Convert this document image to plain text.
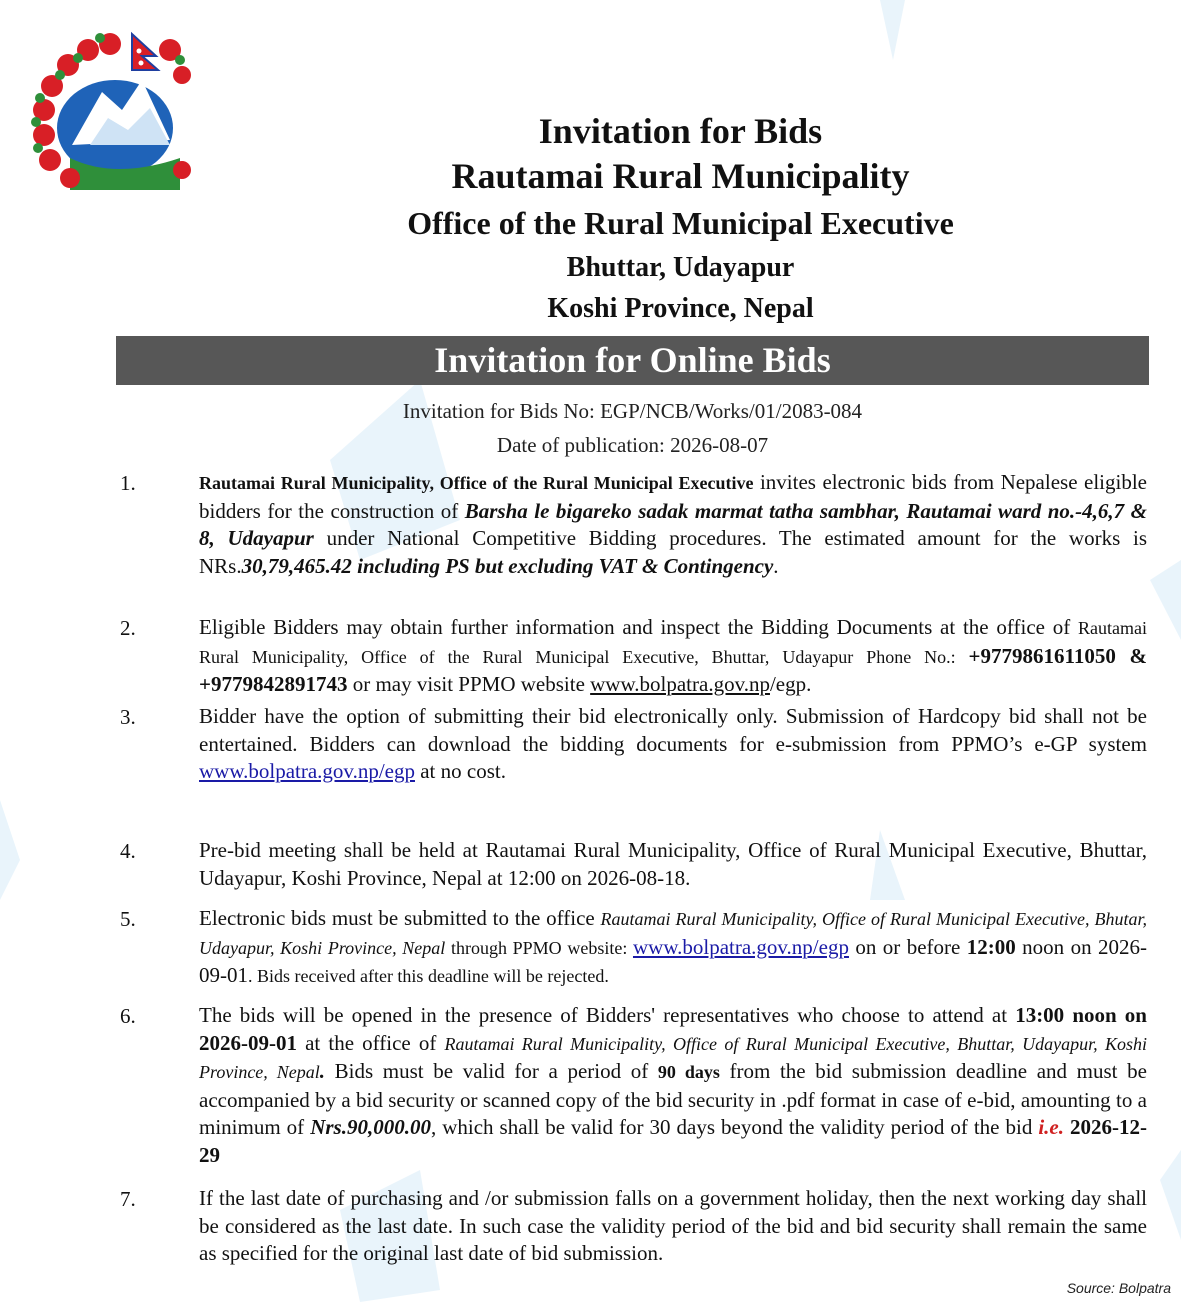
Invitation for Bids
Rautamai Rural Municipality
Office of the Rural Municipal Executive
Bhuttar, Udayapur
Koshi Province, Nepal
Invitation for Online Bids
Invitation for Bids No: EGP/NCB/Works/01/2083-084
Date of publication: 2026-08-07
1.	Rautamai Rural Municipality, Office of the Rural Municipal Executive invites electronic bids from Nepalese eligible bidders for the construction of Barsha le bigareko sadak marmat tatha sambhar, Rautamai ward no.-4,6,7 & 8, Udayapur under National Competitive Bidding procedures. The estimated amount for the works is NRs.30,79,465.42 including PS but excluding VAT & Contingency.
2.	Eligible Bidders may obtain further information and inspect the Bidding Documents at the office of Rautamai Rural Municipality, Office of the Rural Municipal Executive, Bhuttar, Udayapur Phone No.: +9779861611050 & +9779842891743 or may visit PPMO website www.bolpatra.gov.np/egp.
3.	Bidder have the option of submitting their bid electronically only. Submission of Hardcopy bid shall not be entertained. Bidders can download the bidding documents for e-submission from PPMO’s e-GP system www.bolpatra.gov.np/egp at no cost.
4.	Pre-bid meeting shall be held at Rautamai Rural Municipality, Office of Rural Municipal Executive, Bhuttar, Udayapur, Koshi Province, Nepal at 12:00 on 2026-08-18.
5.	Electronic bids must be submitted to the office Rautamai Rural Municipality, Office of Rural Municipal Executive, Bhutar, Udayapur, Koshi Province, Nepal through PPMO website: www.bolpatra.gov.np/egp on or before 12:00 noon on 2026-09-01. Bids received after this deadline will be rejected.
6.	The bids will be opened in the presence of Bidders' representatives who choose to attend at 13:00 noon on 2026-09-01 at the office of Rautamai Rural Municipality, Office of Rural Municipal Executive, Bhuttar, Udayapur, Koshi Province, Nepal. Bids must be valid for a period of 90 days from the bid submission deadline and must be accompanied by a bid security or scanned copy of the bid security in .pdf format in case of e-bid, amounting to a minimum of Nrs.90,000.00, which shall be valid for 30 days beyond the validity period of the bid i.e. 2026-12-29
7.	If the last date of purchasing and /or submission falls on a government holiday, then the next working day shall be considered as the last date. In such case the validity period of the bid and bid security shall remain the same as specified for the original last date of bid submission.
Source: Bolpatra
